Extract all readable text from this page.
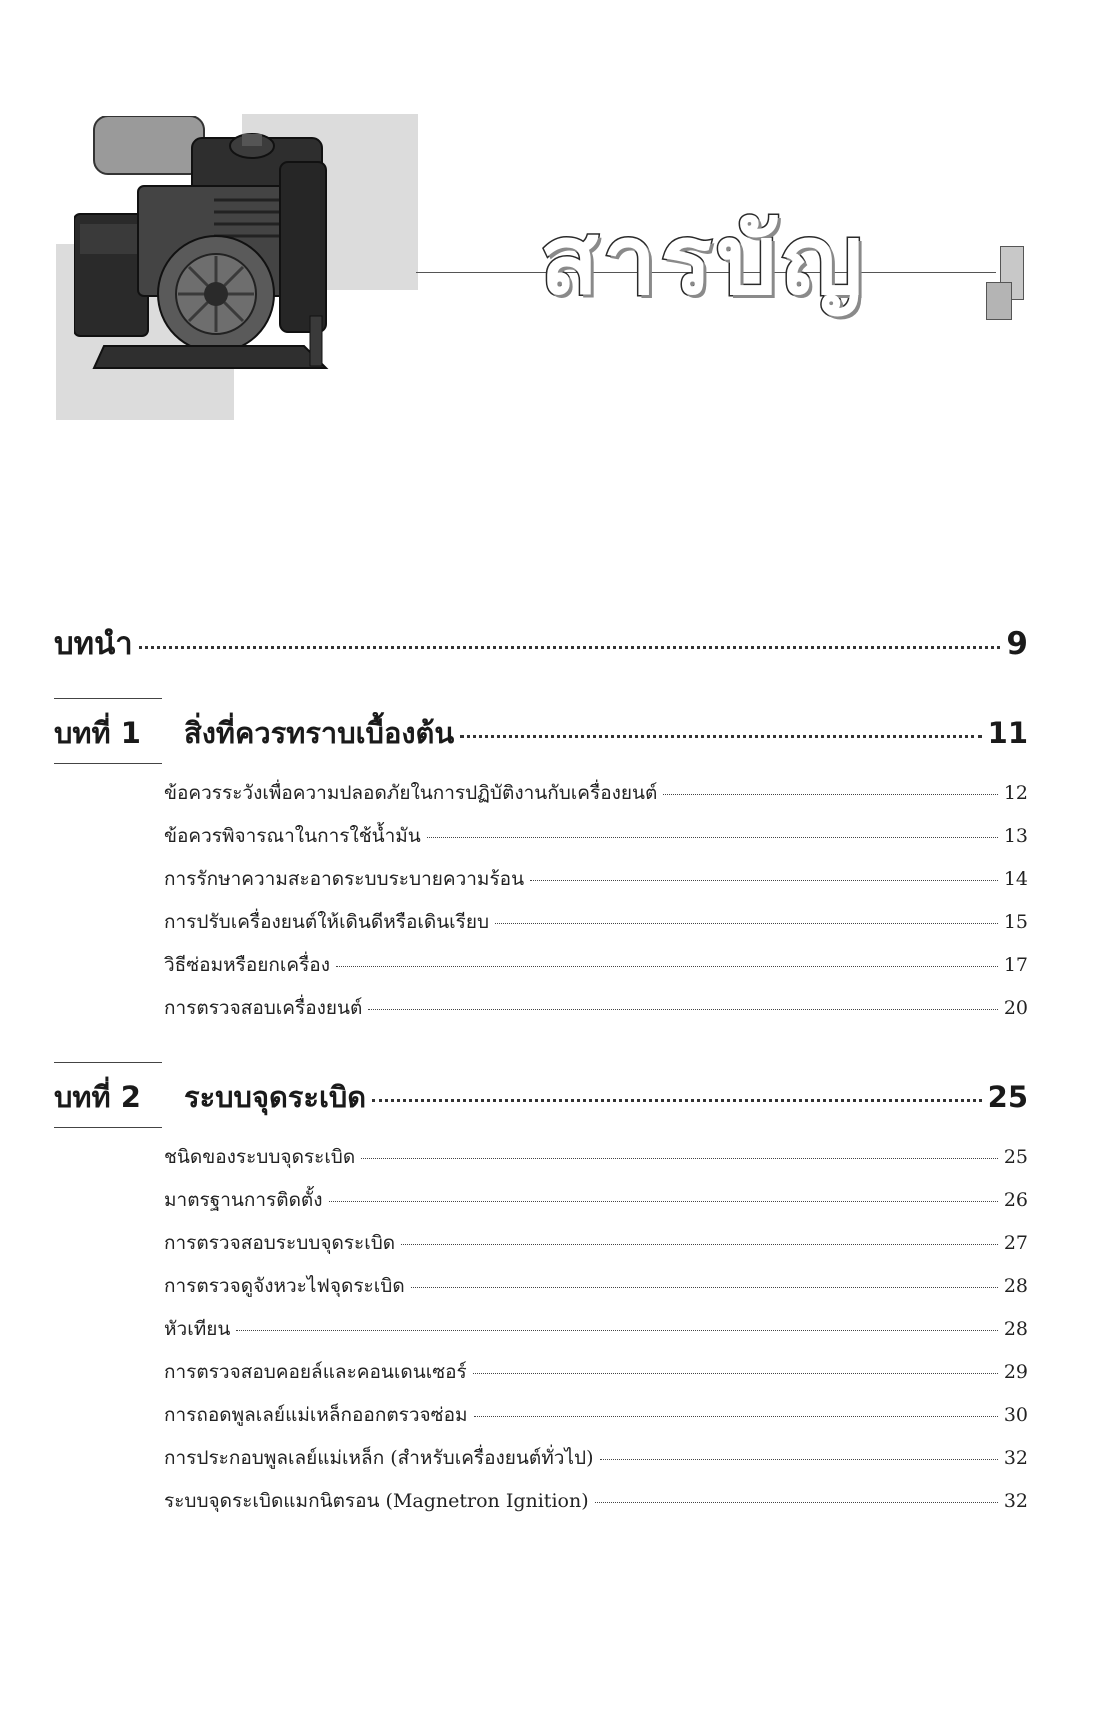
สารบัญ
บทนำ	9
บทที่ 1	สิ่งที่ควรทราบเบื้องต้น	11
ข้อควรระวังเพื่อความปลอดภัยในการปฏิบัติงานกับเครื่องยนต์	12
ข้อควรพิจารณาในการใช้น้ำมัน	13
การรักษาความสะอาดระบบระบายความร้อน	14
การปรับเครื่องยนต์ให้เดินดีหรือเดินเรียบ	15
วิธีซ่อมหรือยกเครื่อง	17
การตรวจสอบเครื่องยนต์	20
บทที่ 2	ระบบจุดระเบิด	25
ชนิดของระบบจุดระเบิด	25
มาตรฐานการติดตั้ง	26
การตรวจสอบระบบจุดระเบิด	27
การตรวจดูจังหวะไฟจุดระเบิด	28
หัวเทียน	28
การตรวจสอบคอยล์และคอนเดนเซอร์	29
การถอดพูลเลย์แม่เหล็กออกตรวจซ่อม	30
การประกอบพูลเลย์แม่เหล็ก (สำหรับเครื่องยนต์ทั่วไป)	32
ระบบจุดระเบิดแมกนิตรอน (Magnetron Ignition)	32
